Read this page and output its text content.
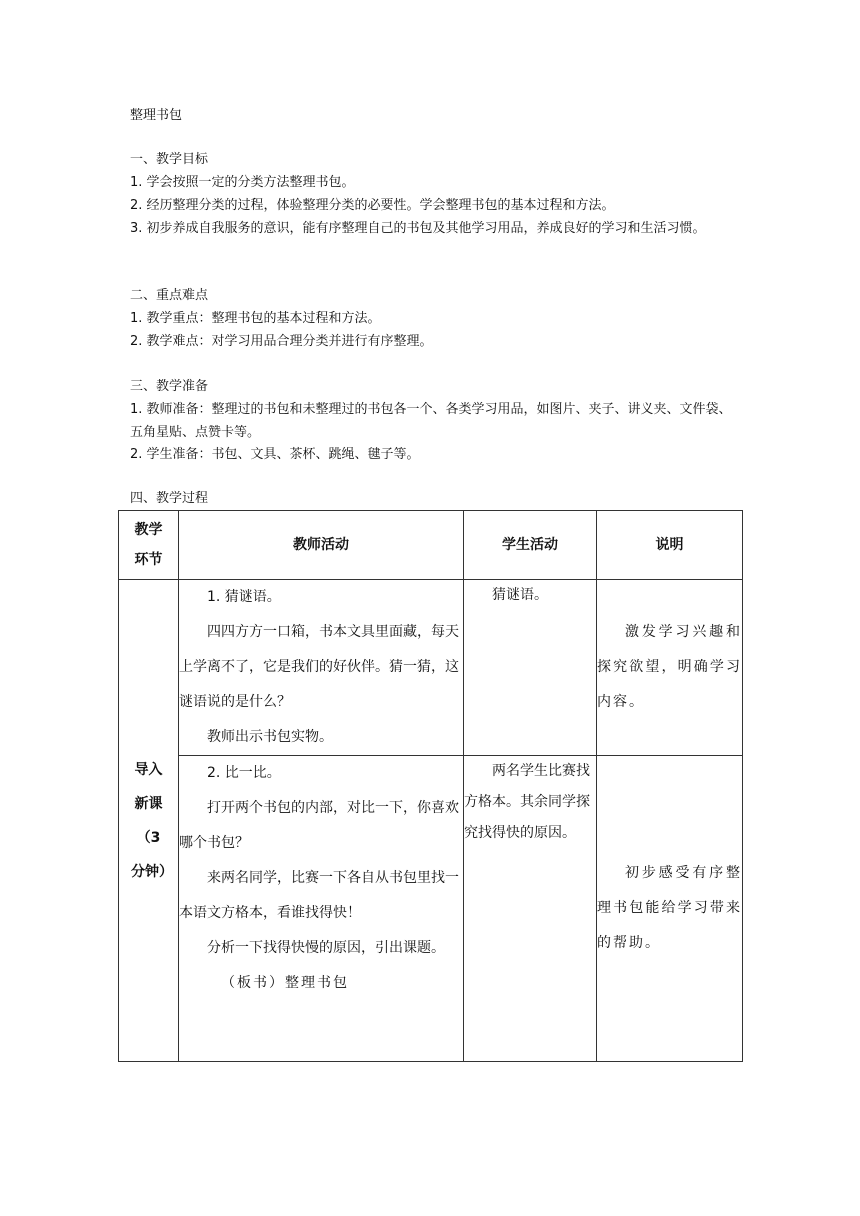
整理书包
一、教学目标
1. 学会按照一定的分类方法整理书包。
2. 经历整理分类的过程，体验整理分类的必要性。学会整理书包的基本过程和方法。
3. 初步养成自我服务的意识，能有序整理自己的书包及其他学习用品，养成良好的学习和生活习惯。
二、重点难点
1. 教学重点：整理书包的基本过程和方法。
2. 教学难点：对学习用品合理分类并进行有序整理。
三、教学准备
1. 教师准备：整理过的书包和未整理过的书包各一个、各类学习用品，如图片、夹子、讲义夹、文件袋、五角星贴、点赞卡等。
2. 学生准备：书包、文具、茶杯、跳绳、毽子等。
四、教学过程
教学环节	教师活动	学生活动	说明
导入新课（3分钟）	1. 猜谜语。

四四方方一口箱，书本文具里面藏，每天上学离不了，它是我们的好伙伴。猜一猜，这谜语说的是什么？

教师出示书包实物。	猜谜语。	激发学习兴趣和探究欲望，明确学习内容。

	2. 比一比。

打开两个书包的内部，对比一下，你喜欢哪个书包？

来两名同学，比赛一下各自从书包里找一本语文方格本，看谁找得快！

分析一下找得快慢的原因，引出课题。

（板书）整理书包	两名学生比赛找方格本。其余同学探究找得快的原因。	初步感受有序整理书包能给学习带来的帮助。
